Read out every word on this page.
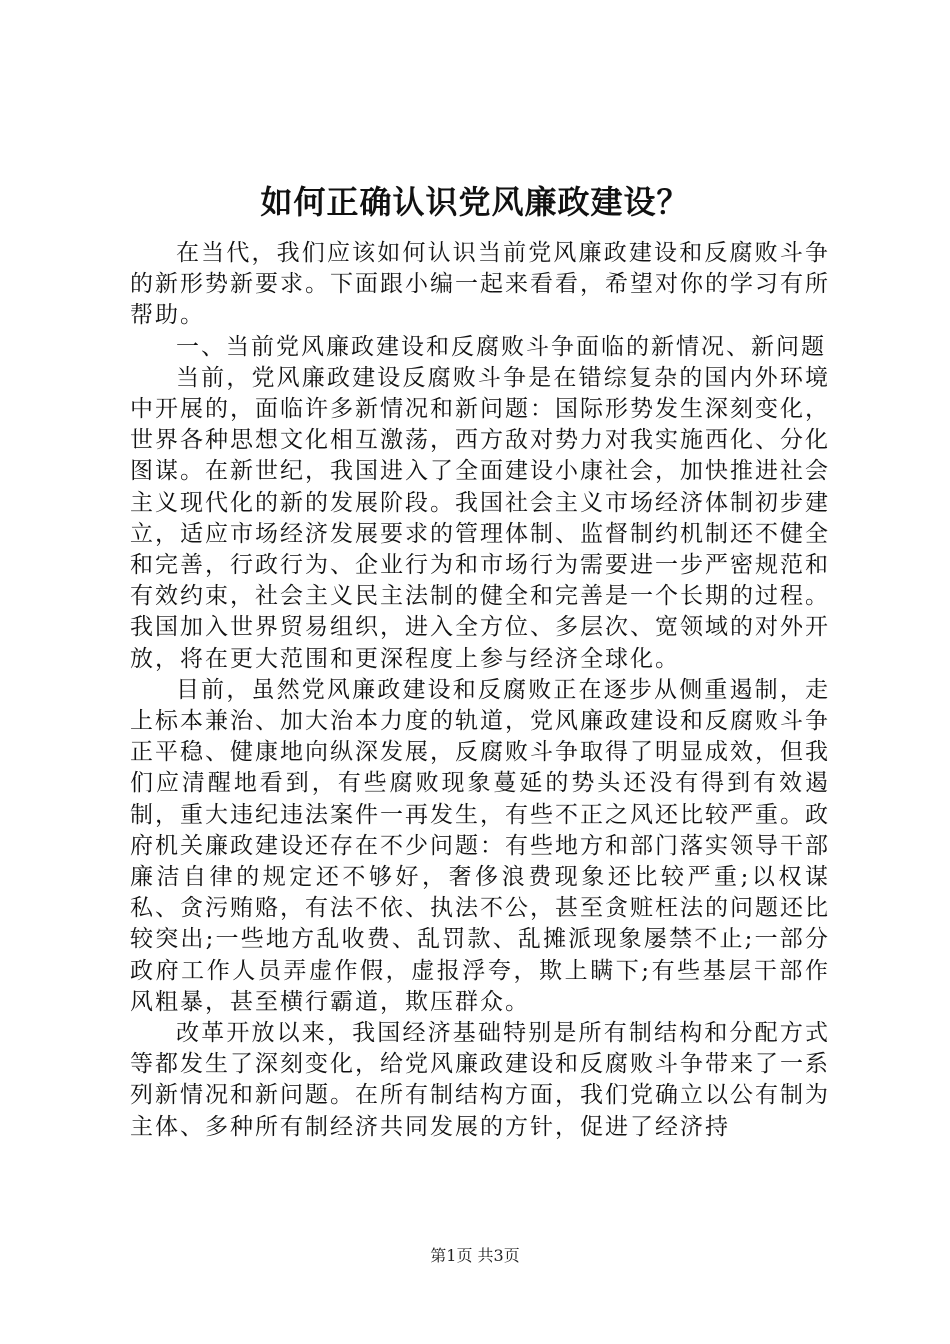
如何正确认识党风廉政建设？

在当代，我们应该如何认识当前党风廉政建设和反腐败斗争的新形势新要求。下面跟小编一起来看看，希望对你的学习有所帮助。

一、当前党风廉政建设和反腐败斗争面临的新情况、新问题

当前，党风廉政建设反腐败斗争是在错综复杂的国内外环境中开展的，面临许多新情况和新问题：国际形势发生深刻变化，世界各种思想文化相互激荡，西方敌对势力对我实施西化、分化图谋。在新世纪，我国进入了全面建设小康社会，加快推进社会主义现代化的新的发展阶段。我国社会主义市场经济体制初步建立，适应市场经济发展要求的管理体制、监督制约机制还不健全和完善，行政行为、企业行为和市场行为需要进一步严密规范和有效约束，社会主义民主法制的健全和完善是一个长期的过程。我国加入世界贸易组织，进入全方位、多层次、宽领域的对外开放，将在更大范围和更深程度上参与经济全球化。

目前，虽然党风廉政建设和反腐败正在逐步从侧重遏制，走上标本兼治、加大治本力度的轨道，党风廉政建设和反腐败斗争正平稳、健康地向纵深发展，反腐败斗争取得了明显成效，但我们应清醒地看到，有些腐败现象蔓延的势头还没有得到有效遏制，重大违纪违法案件一再发生，有些不正之风还比较严重。政府机关廉政建设还存在不少问题：有些地方和部门落实领导干部廉洁自律的规定还不够好，奢侈浪费现象还比较严重;以权谋私、贪污贿赂，有法不依、执法不公，甚至贪赃枉法的问题还比较突出;一些地方乱收费、乱罚款、乱摊派现象屡禁不止;一部分政府工作人员弄虚作假，虚报浮夸，欺上瞒下;有些基层干部作风粗暴，甚至横行霸道，欺压群众。

改革开放以来，我国经济基础特别是所有制结构和分配方式等都发生了深刻变化，给党风廉政建设和反腐败斗争带来了一系列新情况和新问题。在所有制结构方面，我们党确立以公有制为主体、多种所有制经济共同发展的方针，促进了经济持

第1页 共3页
